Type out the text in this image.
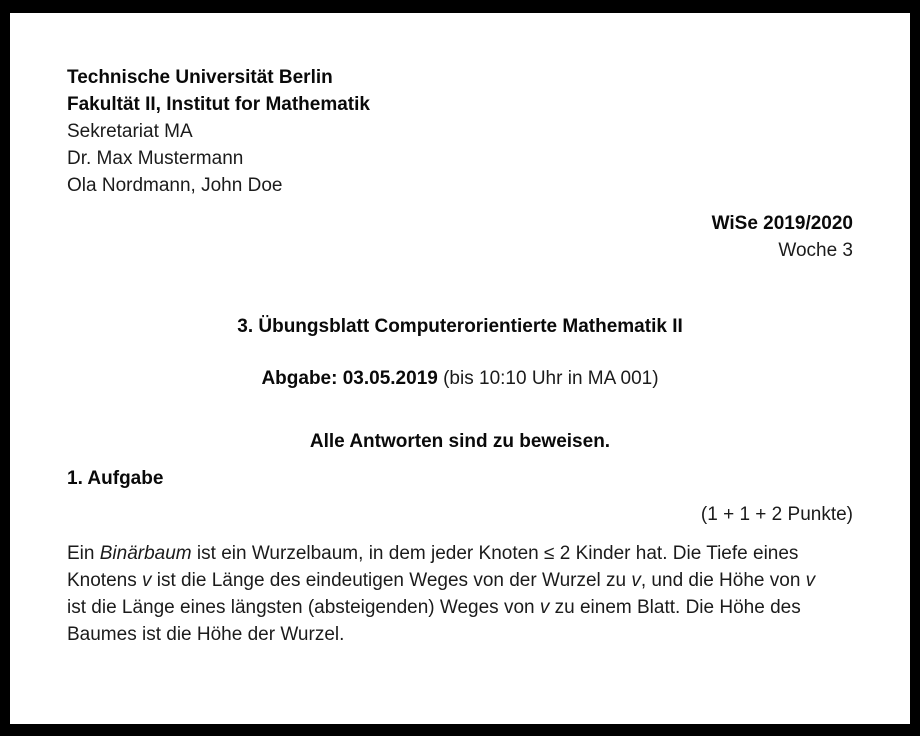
Technische Universität Berlin
Fakultät II, Institut for Mathematik
Sekretariat MA
Dr. Max Mustermann
Ola Nordmann, John Doe
WiSe 2019/2020
Woche 3
3. Übungsblatt Computerorientierte Mathematik II
Abgabe: 03.05.2019 (bis 10:10 Uhr in MA 001)
Alle Antworten sind zu beweisen.
1. Aufgabe
(1 + 1 + 2 Punkte)
Ein Binärbaum ist ein Wurzelbaum, in dem jeder Knoten ≤ 2 Kinder hat. Die Tiefe eines
Knotens v ist die Länge des eindeutigen Weges von der Wurzel zu v, und die Höhe von v
ist die Länge eines längsten (absteigenden) Weges von v zu einem Blatt. Die Höhe des
Baumes ist die Höhe der Wurzel.
